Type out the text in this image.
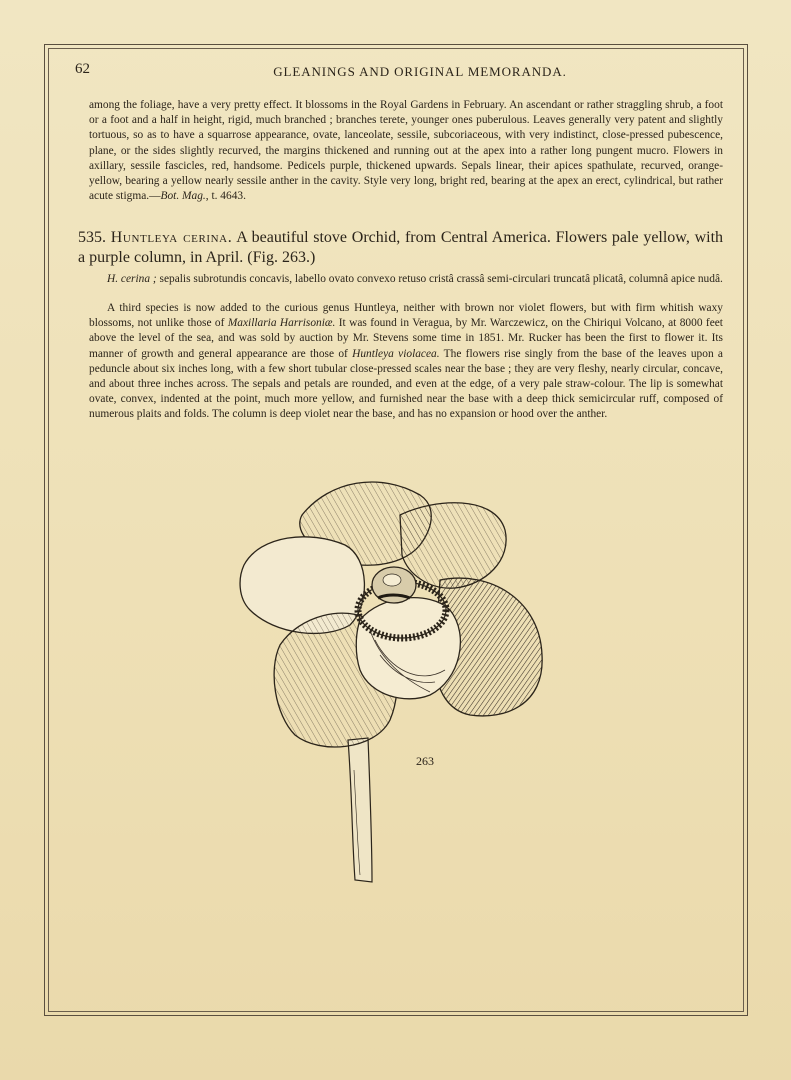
62	GLEANINGS AND ORIGINAL MEMORANDA.

among the foliage, have a very pretty effect. It blossoms in the Royal Gardens in February. An ascendant or rather straggling shrub, a foot or a foot and a half in height, rigid, much branched ; branches terete, younger ones puberulous. Leaves generally very patent and slightly tortuous, so as to have a squarrose appearance, ovate, lanceolate, sessile, subcoriaceous, with very indistinct, close-pressed pubescence, plane, or the sides slightly recurved, the margins thickened and running out at the apex into a rather long pungent mucro. Flowers in axillary, sessile fascicles, red, handsome. Pedicels purple, thickened upwards. Sepals linear, their apices spathulate, recurved, orange-yellow, bearing a yellow nearly sessile anther in the cavity. Style very long, bright red, bearing at the apex an erect, cylindrical, but rather acute stigma.—Bot. Mag., t. 4643.

535. Huntleya cerina. A beautiful stove Orchid, from Central America. Flowers pale yellow, with a purple column, in April. (Fig. 263.)

H. cerina ; sepalis subrotundis concavis, labello ovato convexo retuso cristâ crassâ semi-circulari truncatâ plicatâ, columnâ apice nudâ.

A third species is now added to the curious genus Huntleya, neither with brown nor violet flowers, but with firm whitish waxy blossoms, not unlike those of Maxillaria Harrisoniæ. It was found in Veragua, by Mr. Warczewicz, on the Chiriqui Volcano, at 8000 feet above the level of the sea, and was sold by auction by Mr. Stevens some time in 1851. Mr. Rucker has been the first to flower it. Its manner of growth and general appearance are those of Huntleya violacea. The flowers rise singly from the base of the leaves upon a peduncle about six inches long, with a few short tubular close-pressed scales near the base ; they are very fleshy, nearly circular, concave, and about three inches across. The sepals and petals are rounded, and even at the edge, of a very pale straw-colour. The lip is somewhat ovate, convex, indented at the point, much more yellow, and furnished near the base with a deep thick semicircular ruff, composed of numerous plaits and folds. The column is deep violet near the base, and has no expansion or hood over the anther.

263
